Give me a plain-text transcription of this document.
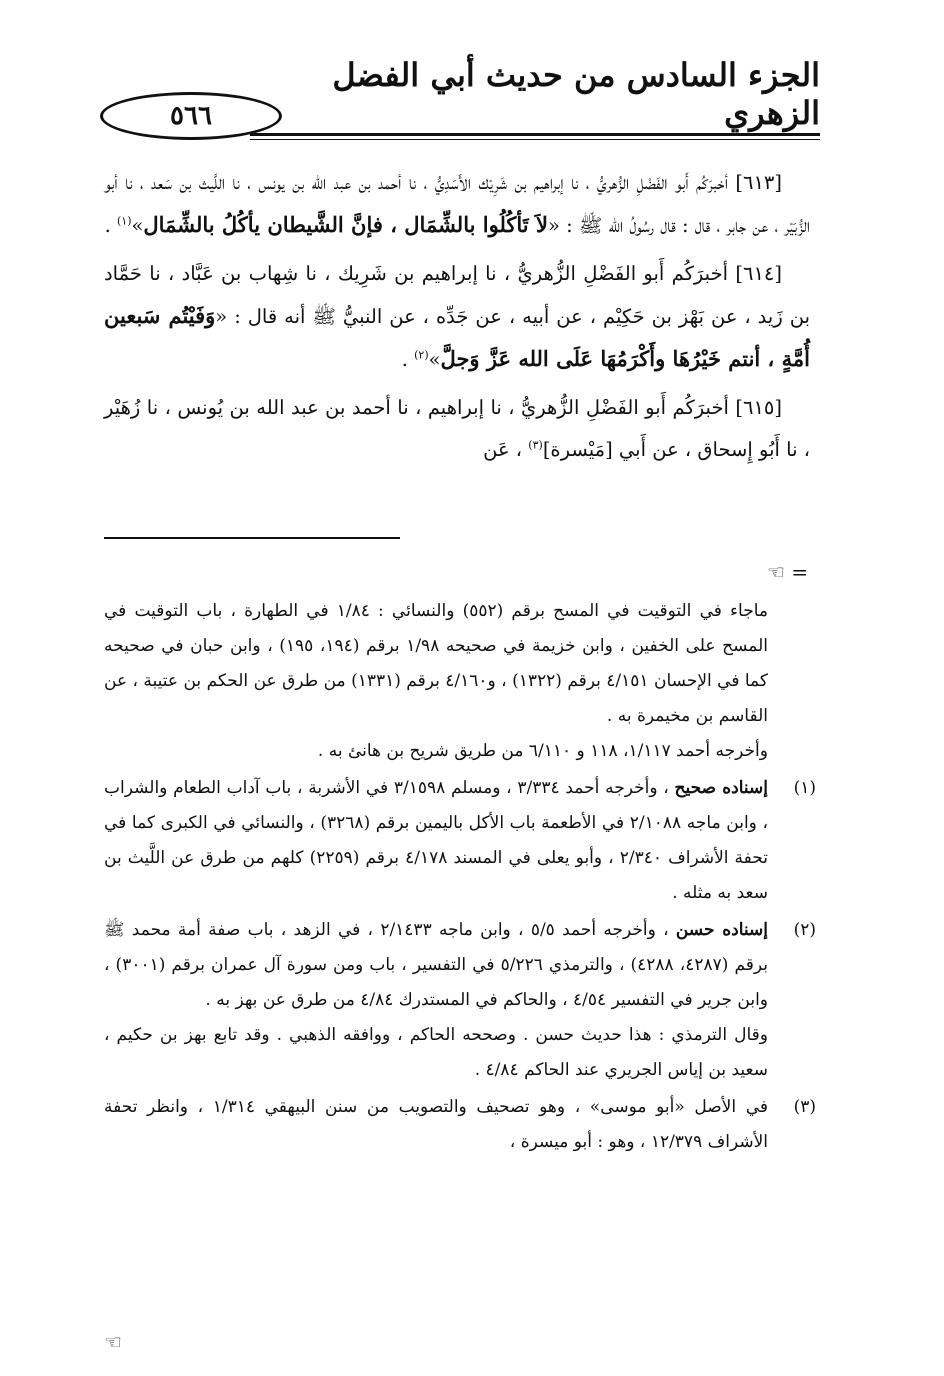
٥٦٦
الجزء السادس من حديث أبي الفضل الزهري

[٦١٣] أخبرَكُم أَبو الفَضْلِ الزُّهريُّ ، نا إبراهيم بن شَرِيْك الأَسَدِيُّ ، نا أحمد بن عبد الله بن يونس ، نا اللَّيث بن سَعد ، نا أبو الزُّبَيْر ، عن جابر ، قال : قال رسُولُ الله ﷺ : «لاَ تَأكُلُوا بالشِّمَال ، فإنَّ الشَّيطان يأكُلُ بالشِّمَال»$^{(١)}$ .

[٦١٤] أخبرَكُم أَبو الفَضْلِ الزُّهريُّ ، نا إبراهيم بن شَرِيك ، نا شِهاب بن عَبَّاد ، نا حَمَّاد بن زَيد ، عن بَهْز بن حَكِيْم ، عن أبيه ، عن جَدِّه ، عن النبيُّ ﷺ أنه قال : «وَفَيْتُم سَبعين أُمَّةٍ ، أنتم خَيْرُهَا وأَكْرَمُهَا عَلَى الله عَزَّ وَجلَّ»$^{(٢)}$ .

[٦١٥] أخبرَكُم أَبو الفَضْلِ الزُّهريُّ ، نا إبراهيم ، نا أحمد بن عبد الله بن يُونس ، نا زُهَيْر ، نا أَبُو إِسحاق ، عن أَبي [مَيْسرة]$^{(٣)}$ ، عَن

= ☜

ماجاء في التوقيت في المسح برقم (٥٥٢) والنسائي : ١/٨٤ في الطهارة ، باب التوقيت في المسح على الخفين ، وابن خزيمة في صحيحه ١/٩٨ برقم (١٩٤، ١٩٥) ، وابن حبان في صحيحه كما في الإحسان ٤/١٥١ برقم (١٣٢٢) ، و٤/١٦٠ برقم (١٣٣١) من طرق عن الحكم بن عتيبة ، عن القاسم بن مخيمرة به .

وأخرجه أحمد ١/١١٧، ١١٨ و ٦/١١٠ من طريق شريح بن هانئ به .

(١)
إسناده صحيح ، وأخرجه أحمد ٣/٣٣٤ ، ومسلم ٣/١٥٩٨ في الأشربة ، باب آداب الطعام والشراب ، وابن ماجه ٢/١٠٨٨ في الأطعمة باب الأكل باليمين برقم (٣٢٦٨) ، والنسائي في الكبرى كما في تحفة الأشراف ٢/٣٤٠ ، وأبو يعلى في المسند ٤/١٧٨ برقم (٢٢٥٩) كلهم من طرق عن اللَّيث بن سعد به مثله .
(٢)

إسناده حسن ، وأخرجه أحمد ٥/٥ ، وابن ماجه ٢/١٤٣٣ ، في الزهد ، باب صفة أمة محمد ﷺ برقم (٤٢٨٧، ٤٢٨٨) ، والترمذي ٥/٢٢٦ في التفسير ، باب ومن سورة آل عمران برقم (٣٠٠١) ، وابن جرير في التفسير ٤/٥٤ ، والحاكم في المستدرك ٤/٨٤ من طرق عن بهز به .

وقال الترمذي : هذا حديث حسن . وصححه الحاكم ، ووافقه الذهبي . وقد تابع بهز بن حكيم ، سعيد بن إياس الجريري عند الحاكم ٤/٨٤ .

(٣)
في الأصل «أبو موسى» ، وهو تصحيف والتصويب من سنن البيهقي ١/٣١٤ ، وانظر تحفة الأشراف ١٢/٣٧٩ ، وهو : أبو ميسرة ،
☜
